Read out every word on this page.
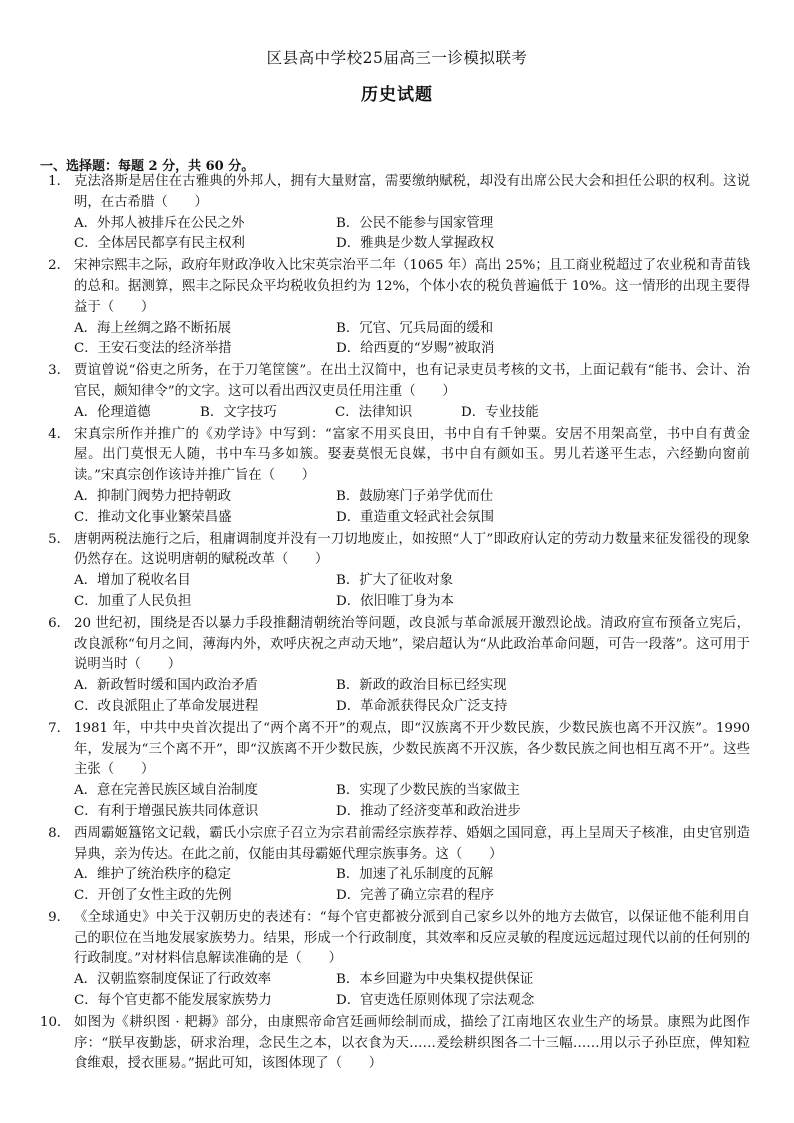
区县高中学校25届高三一诊模拟联考
历史试题
一、选择题：每题 2 分，共 60 分。
1． 克法洛斯是居住在古雅典的外邦人，拥有大量财富，需要缴纳赋税，却没有出席公民大会和担任公职的权利。这说明，在古希腊（　　）
A．外邦人被排斥在公民之外	B．公民不能参与国家管理
C．全体居民都享有民主权利	D．雅典是少数人掌握政权
2． 宋神宗熙丰之际，政府年财政净收入比宋英宗治平二年（1065 年）高出 25%；且工商业税超过了农业税和青苗钱的总和。据测算，熙丰之际民众平均税收负担约为 12%，个体小农的税负普遍低于 10%。这一情形的出现主要得益于（　　）
A．海上丝绸之路不断拓展	B．冗官、冗兵局面的缓和
C．王安石变法的经济举措	D．给西夏的“岁赐”被取消
3． 贾谊曾说“俗吏之所务，在于刀笔筐箧”。在出土汉简中，也有记录吏员考核的文书，上面记载有“能书、会计、治官民，颇知律令”的文字。这可以看出西汉吏员任用注重（　　）
A．伦理道德	B．文字技巧	C．法律知识	D．专业技能
4． 宋真宗所作并推广的《劝学诗》中写到：“富家不用买良田，书中自有千钟粟。安居不用架高堂，书中自有黄金屋。出门莫恨无人随，书中车马多如簇。娶妻莫恨无良媒，书中自有颜如玉。男儿若遂平生志，六经勤向窗前读。”宋真宗创作该诗并推广旨在（　　）
A．抑制门阀势力把持朝政	B．鼓励寒门子弟学优而仕
C．推动文化事业繁荣昌盛	D．重造重文轻武社会氛围
5． 唐朝两税法施行之后，租庸调制度并没有一刀切地废止，如按照“人丁”即政府认定的劳动力数量来征发徭役的现象仍然存在。这说明唐朝的赋税改革（　　）
A．增加了税收名目	B．扩大了征收对象
C．加重了人民负担	D．依旧唯丁身为本
6． 20 世纪初，围绕是否以暴力手段推翻清朝统治等问题，改良派与革命派展开激烈论战。清政府宣布预备立宪后，改良派称“旬月之间，薄海内外，欢呼庆祝之声动天地”，梁启超认为“从此政治革命问题，可告一段落”。这可用于说明当时（　　）
A．新政暂时缓和国内政治矛盾	B．新政的政治目标已经实现
C．改良派阻止了革命发展进程	D．革命派获得民众广泛支持
7． 1981 年，中共中央首次提出了“两个离不开”的观点，即“汉族离不开少数民族，少数民族也离不开汉族”。1990 年，发展为“三个离不开”，即“汉族离不开少数民族，少数民族离不开汉族，各少数民族之间也相互离不开”。这些主张（　　）
A．意在完善民族区域自治制度	B．实现了少数民族的当家做主
C．有利于增强民族共同体意识	D．推动了经济变革和政治进步
8． 西周霸姬簋铭文记载，霸氏小宗庶子召立为宗君前需经宗族荐荐、婚姻之国同意，再上呈周天子核准，由史官别造异典，亲为传达。在此之前，仅能由其母霸姬代理宗族事务。这（　　）
A．维护了统治秩序的稳定	B．加速了礼乐制度的瓦解
C．开创了女性主政的先例	D．完善了确立宗君的程序
9． 《全球通史》中关于汉朝历史的表述有：“每个官吏都被分派到自己家乡以外的地方去做官，以保证他不能利用自己的职位在当地发展家族势力。结果，形成一个行政制度，其效率和反应灵敏的程度远远超过现代以前的任何别的行政制度。”对材料信息解读准确的是（　　）
A．汉朝监察制度保证了行政效率	B．本乡回避为中央集权提供保证
C．每个官吏都不能发展家族势力	D．官吏选任原则体现了宗法观念
10． 如图为《耕织图 · 耙耨》部分，由康熙帝命宫廷画师绘制而成，描绘了江南地区农业生产的场景。康熙为此图作序：“朕早夜勤毖，研求治理，念民生之本，以衣食为天……爰绘耕织图各二十三幅……用以示子孙臣庶，俾知粒食维艰，授衣匪易。”据此可知，该图体现了（　　）
